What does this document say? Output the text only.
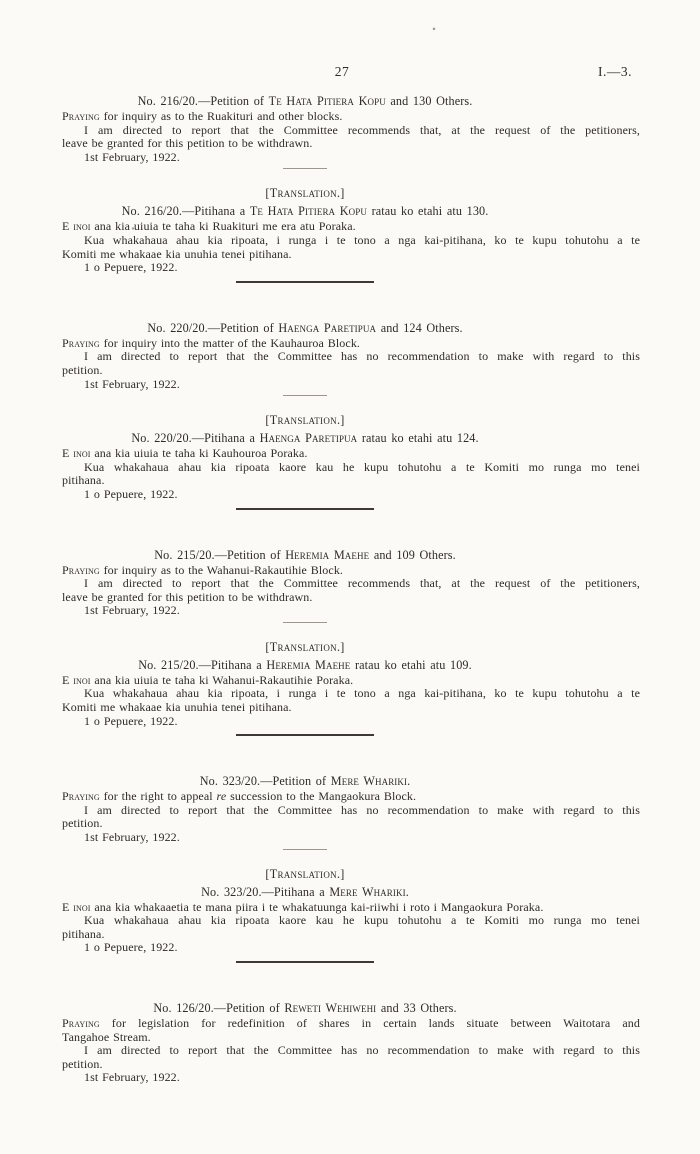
27	I.—3.
No. 216/20.—Petition of Te Hata Pitiera Kopu and 130 Others.

Praying for inquiry as to the Ruakituri and other blocks.

I am directed to report that the Committee recommends that, at the request of the petitioners,
leave be granted for this petition to be withdrawn.

1st February, 1922.

[Translation.]

No. 216/20.—Pitihana a Te Hata Pitiera Kopu ratau ko etahi atu 130.

E inoi ana kia uiuia te taha ki Ruakituri me era atu Poraka.

Kua whakahaua ahau kia ripoata, i runga i te tono a nga kai-pitihana, ko te kupu tohutohu a te
Komiti me whakaae kia unuhia tenei pitihana.

1 o Pepuere, 1922.

No. 220/20.—Petition of Haenga Paretipua and 124 Others.

Praying for inquiry into the matter of the Kauhauroa Block.

I am directed to report that the Committee has no recommendation to make with regard to this
petition.

1st February, 1922.

[Translation.]

No. 220/20.—Pitihana a Haenga Paretipua ratau ko etahi atu 124.

E inoi ana kia uiuia te taha ki Kauhouroa Poraka.

Kua whakahaua ahau kia ripoata kaore kau he kupu tohutohu a te Komiti mo runga mo tenei
pitihana.

1 o Pepuere, 1922.

No. 215/20.—Petition of Heremia Maehe and 109 Others.

Praying for inquiry as to the Wahanui-Rakautihie Block.

I am directed to report that the Committee recommends that, at the request of the petitioners,
leave be granted for this petition to be withdrawn.

1st February, 1922.

[Translation.]

No. 215/20.—Pitihana a Heremia Maehe ratau ko etahi atu 109.

E inoi ana kia uiuia te taha ki Wahanui-Rakautihie Poraka.

Kua whakahaua ahau kia ripoata, i runga i te tono a nga kai-pitihana, ko te kupu tohutohu a te
Komiti me whakaae kia unuhia tenei pitihana.

1 o Pepuere, 1922.

No. 323/20.—Petition of Mere Whariki.

Praying for the right to appeal re succession to the Mangaokura Block.

I am directed to report that the Committee has no recommendation to make with regard to this
petition.

1st February, 1922.

[Translation.]

No. 323/20.—Pitihana a Mere Whariki.

E inoi ana kia whakaaetia te mana piira i te whakatuunga kai-riiwhi i roto i Mangaokura Poraka.

Kua whakahaua ahau kia ripoata kaore kau he kupu tohutohu a te Komiti mo runga mo tenei
pitihana.

1 o Pepuere, 1922.

No. 126/20.—Petition of Reweti Wehiwehi and 33 Others.

Praying for legislation for redefinition of shares in certain lands situate between Waitotara and
Tangahoe Stream.

I am directed to report that the Committee has no recommendation to make with regard to this
petition.

1st February, 1922.
